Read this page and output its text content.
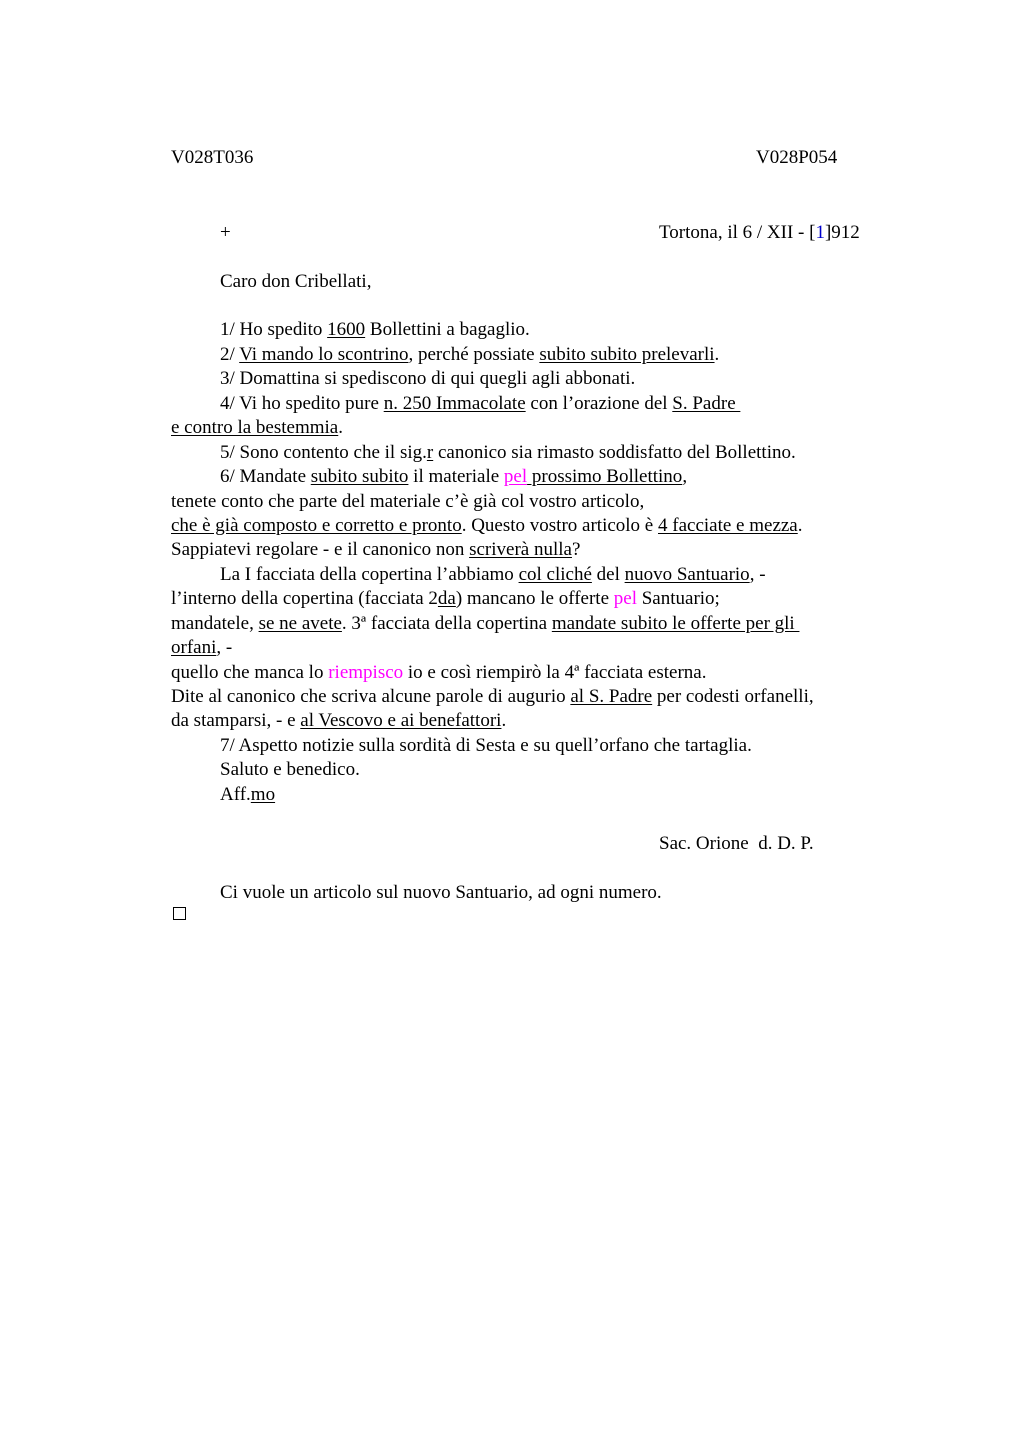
V028T036	V028P054
+	Tortona, il 6 / XII - [1]912
Caro don Cribellati,
1/ Ho spedito 1600 Bollettini a bagaglio.
2/ Vi mando lo scontrino, perché possiate subito subito prelevarli.
3/ Domattina si spediscono di qui quegli agli abbonati.
4/ Vi ho spedito pure n. 250 Immacolate con l’orazione del S. Padre
e contro la bestemmia.
5/ Sono contento che il sig.r canonico sia rimasto soddisfatto del Bollettino.
6/ Mandate subito subito il materiale pel prossimo Bollettino,
tenete conto che parte del materiale c’è già col vostro articolo,
che è già composto e corretto e pronto. Questo vostro articolo è 4 facciate e mezza.
Sappiatevi regolare - e il canonico non scriverà nulla?
La I facciata della copertina l’abbiamo col cliché del nuovo Santuario, -
l’interno della copertina (facciata 2da) mancano le offerte pel Santuario;
mandatele, se ne avete. 3ª facciata della copertina mandate subito le offerte per gli
orfani, -
quello che manca lo riempisco io e così riempirò la 4ª facciata esterna.
Dite al canonico che scriva alcune parole di augurio al S. Padre per codesti orfanelli,
da stamparsi, - e al Vescovo e ai benefattori.
7/ Aspetto notizie sulla sordità di Sesta e su quell’orfano che tartaglia.
Saluto e benedico.
Aff.mo
Sac. Orione  d. D. P.
Ci vuole un articolo sul nuovo Santuario, ad ogni numero.
